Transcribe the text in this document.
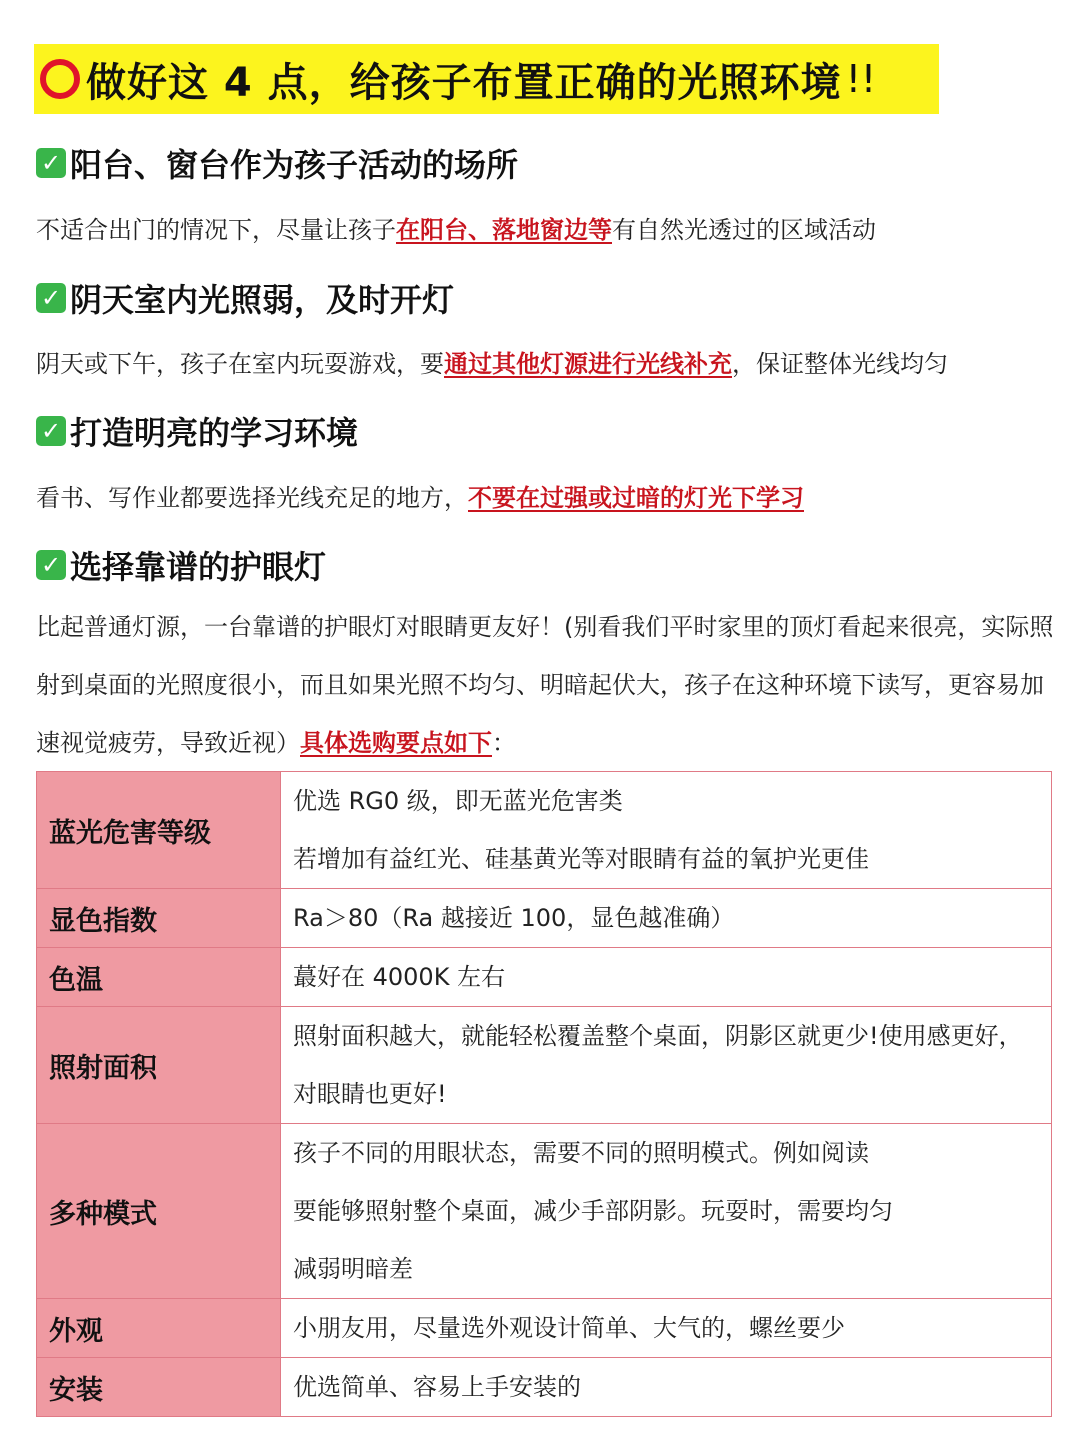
做好这 4 点，给孩子布置正确的光照环境 !!
✓ 阳台、窗台作为孩子活动的场所
不适合出门的情况下，尽量让孩子在阳台、落地窗边等有自然光透过的区域活动
✓ 阴天室内光照弱，及时开灯
阴天或下午，孩子在室内玩耍游戏，要通过其他灯源进行光线补充，保证整体光线均匀
✓ 打造明亮的学习环境
看书、写作业都要选择光线充足的地方，不要在过强或过暗的灯光下学习
✓ 选择靠谱的护眼灯
比起普通灯源，一台靠谱的护眼灯对眼睛更友好！(别看我们平时家里的顶灯看起来很亮，实际照射到桌面的光照度很小，而且如果光照不均匀、明暗起伏大，孩子在这种环境下读写，更容易加速视觉疲劳，导致近视）具体选购要点如下：
蓝光危害等级	优选 RG0 级，即无蓝光危害类
若增加有益红光、硅基黄光等对眼睛有益的氧护光更佳

显色指数	Ra＞80（Ra 越接近 100，显色越准确）

色温	蕞好在 4000K 左右

照射面积	照射面积越大，就能轻松覆盖整个桌面，阴影区就更少!使用感更好，
对眼睛也更好!

多种模式	孩子不同的用眼状态，需要不同的照明模式。例如阅读
要能够照射整个桌面，减少手部阴影。玩耍时，需要均匀
减弱明暗差

外观	小朋友用，尽量选外观设计简单、大气的，螺丝要少

安装	优选简单、容易上手安装的
